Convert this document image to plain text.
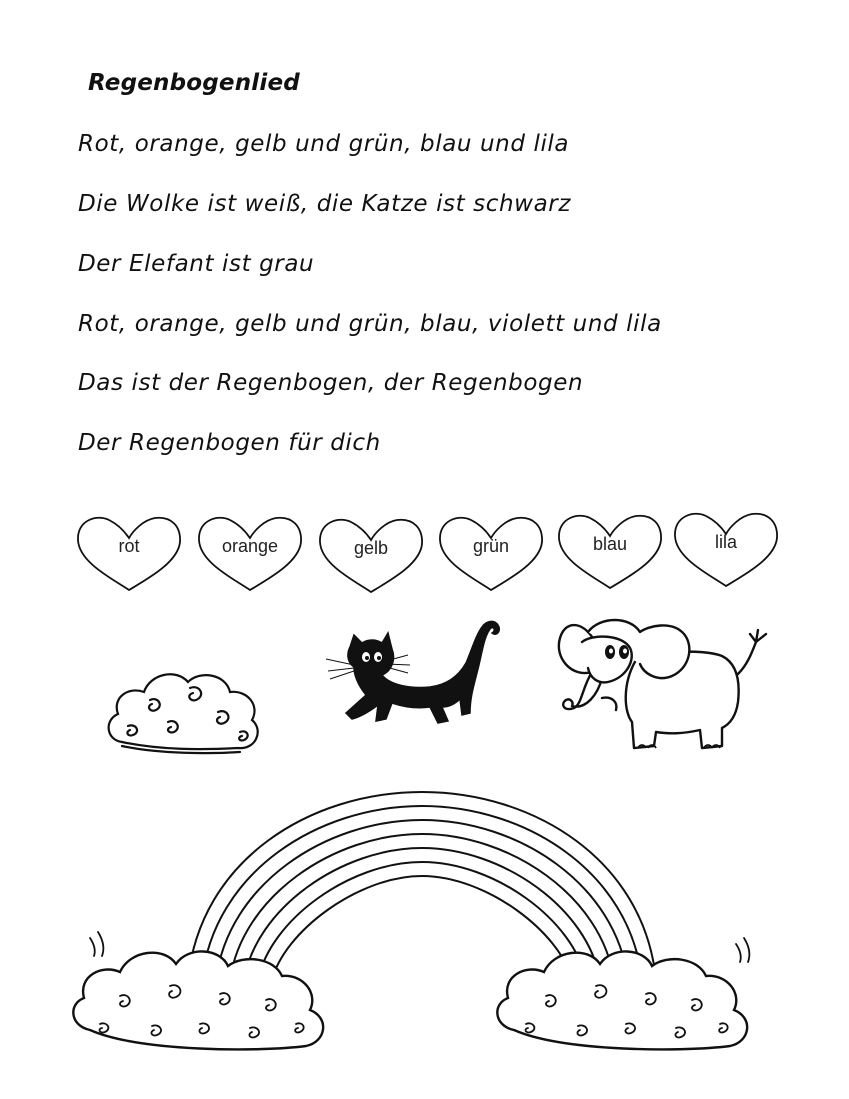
Regenbogenlied
Rot, orange, gelb und grün, blau und lila
Die Wolke ist weiß, die Katze ist schwarz
Der Elefant ist grau
Rot, orange, gelb und grün, blau, violett und lila
Das ist der Regenbogen, der Regenbogen
Der Regenbogen für dich
rot	orange	gelb	grün	blau	lila
